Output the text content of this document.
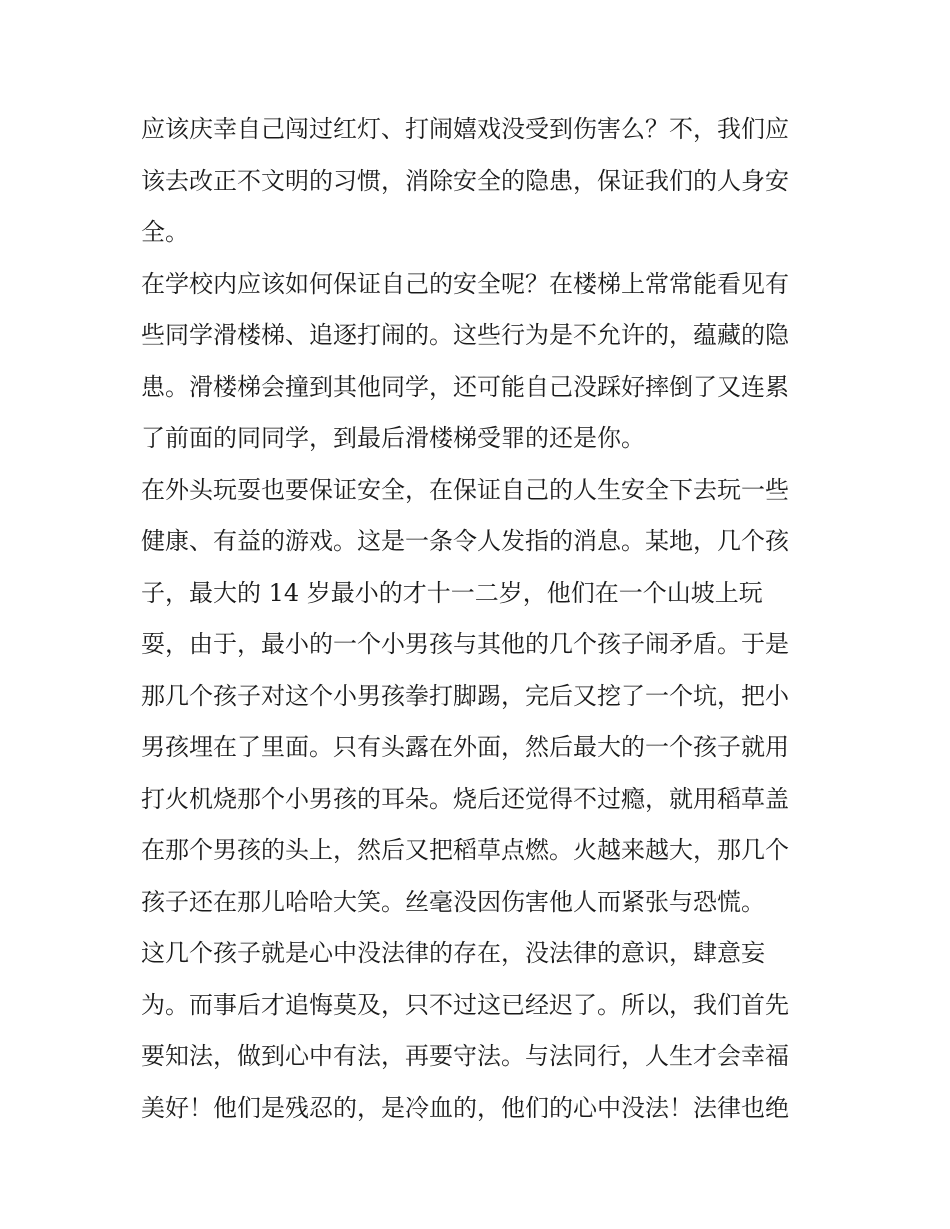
应该庆幸自己闯过红灯、打闹嬉戏没受到伤害么？不，我们应
该去改正不文明的习惯，消除安全的隐患，保证我们的人身安
全。
在学校内应该如何保证自己的安全呢？在楼梯上常常能看见有
些同学滑楼梯、追逐打闹的。这些行为是不允许的，蕴藏的隐
患。滑楼梯会撞到其他同学，还可能自己没踩好摔倒了又连累
了前面的同同学，到最后滑楼梯受罪的还是你。
在外头玩耍也要保证安全，在保证自己的人生安全下去玩一些
健康、有益的游戏。这是一条令人发指的消息。某地，几个孩
子，最大的 14 岁最小的才十一二岁，他们在一个山坡上玩
耍，由于，最小的一个小男孩与其他的几个孩子闹矛盾。于是
那几个孩子对这个小男孩拳打脚踢，完后又挖了一个坑，把小
男孩埋在了里面。只有头露在外面，然后最大的一个孩子就用
打火机烧那个小男孩的耳朵。烧后还觉得不过瘾，就用稻草盖
在那个男孩的头上，然后又把稻草点燃。火越来越大，那几个
孩子还在那儿哈哈大笑。丝毫没因伤害他人而紧张与恐慌。
这几个孩子就是心中没法律的存在，没法律的意识，肆意妄
为。而事后才追悔莫及，只不过这已经迟了。所以，我们首先
要知法，做到心中有法，再要守法。与法同行，人生才会幸福
美好！他们是残忍的，是冷血的，他们的心中没法！法律也绝
